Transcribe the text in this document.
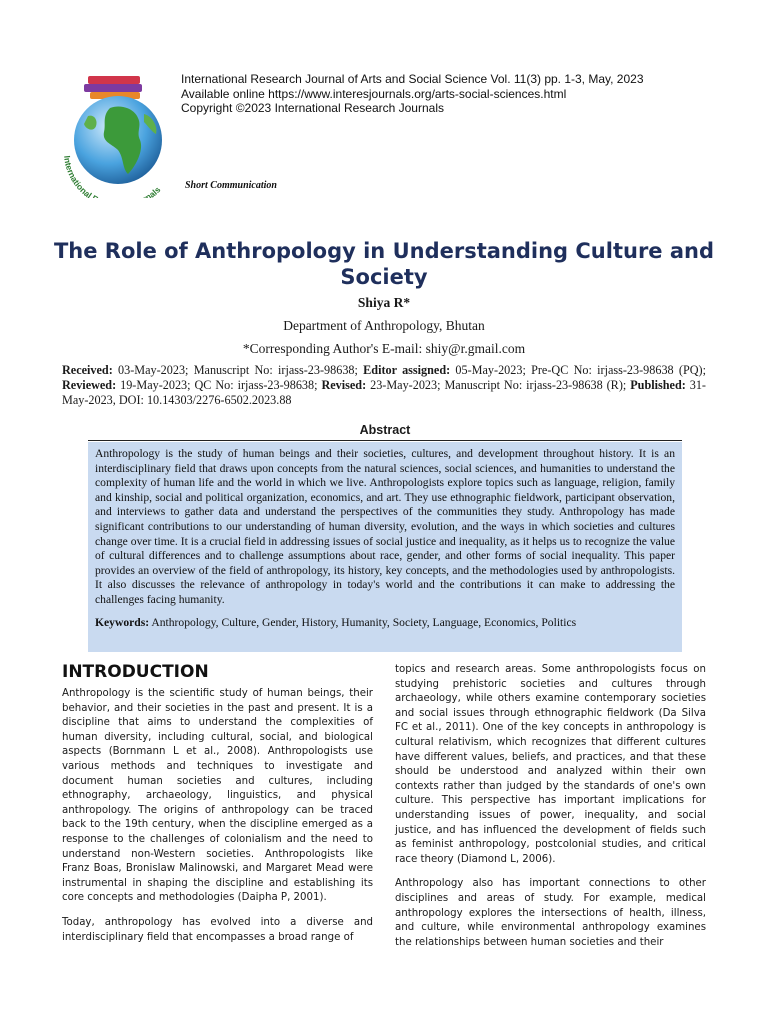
International nals
International Research Journal of Arts and Social Science Vol. 11(3) pp. 1-3, May, 2023
Available online https://www.interesjournals.org/arts-social-sciences.html
Copyright ©2023 International Research Journals
Short Communication
The Role of Anthropology in Understanding Culture and Society
Shiya R*
Department of Anthropology, Bhutan
*Corresponding Author's E-mail: shiy@r.gmail.com
Received: 03-May-2023; Manuscript No: irjass-23-98638; Editor assigned: 05-May-2023; Pre-QC No: irjass-23-98638 (PQ); Reviewed: 19-May-2023; QC No: irjass-23-98638; Revised: 23-May-2023; Manuscript No: irjass-23-98638 (R); Published: 31-May-2023, DOI: 10.14303/2276-6502.2023.88
Abstract
Anthropology is the study of human beings and their societies, cultures, and development throughout history. It is an interdisciplinary field that draws upon concepts from the natural sciences, social sciences, and humanities to understand the complexity of human life and the world in which we live. Anthropologists explore topics such as language, religion, family and kinship, social and political organization, economics, and art. They use ethnographic fieldwork, participant observation, and interviews to gather data and understand the perspectives of the communities they study. Anthropology has made significant contributions to our understanding of human diversity, evolution, and the ways in which societies and cultures change over time. It is a crucial field in addressing issues of social justice and inequality, as it helps us to recognize the value of cultural differences and to challenge assumptions about race, gender, and other forms of social inequality. This paper provides an overview of the field of anthropology, its history, key concepts, and the methodologies used by anthropologists. It also discusses the relevance of anthropology in today's world and the contributions it can make to addressing the challenges facing humanity.
Keywords: Anthropology, Culture, Gender, History, Humanity, Society, Language, Economics, Politics
INTRODUCTION

Anthropology is the scientific study of human beings, their behavior, and their societies in the past and present. It is a discipline that aims to understand the complexities of human diversity, including cultural, social, and biological aspects (Bornmann L et al., 2008). Anthropologists use various methods and techniques to investigate and document human societies and cultures, including ethnography, archaeology, linguistics, and physical anthropology. The origins of anthropology can be traced back to the 19th century, when the discipline emerged as a response to the challenges of colonialism and the need to understand non-Western societies. Anthropologists like Franz Boas, Bronislaw Malinowski, and Margaret Mead were instrumental in shaping the discipline and establishing its core concepts and methodologies (Daipha P, 2001).

Today, anthropology has evolved into a diverse and interdisciplinary field that encompasses a broad range of

topics and research areas. Some anthropologists focus on studying prehistoric societies and cultures through archaeology, while others examine contemporary societies and social issues through ethnographic fieldwork (Da Silva FC et al., 2011). One of the key concepts in anthropology is cultural relativism, which recognizes that different cultures have different values, beliefs, and practices, and that these should be understood and analyzed within their own contexts rather than judged by the standards of one's own culture. This perspective has important implications for understanding issues of power, inequality, and social justice, and has influenced the development of fields such as feminist anthropology, postcolonial studies, and critical race theory (Diamond L, 2006).

Anthropology also has important connections to other disciplines and areas of study. For example, medical anthropology explores the intersections of health, illness, and culture, while environmental anthropology examines the relationships between human societies and their
